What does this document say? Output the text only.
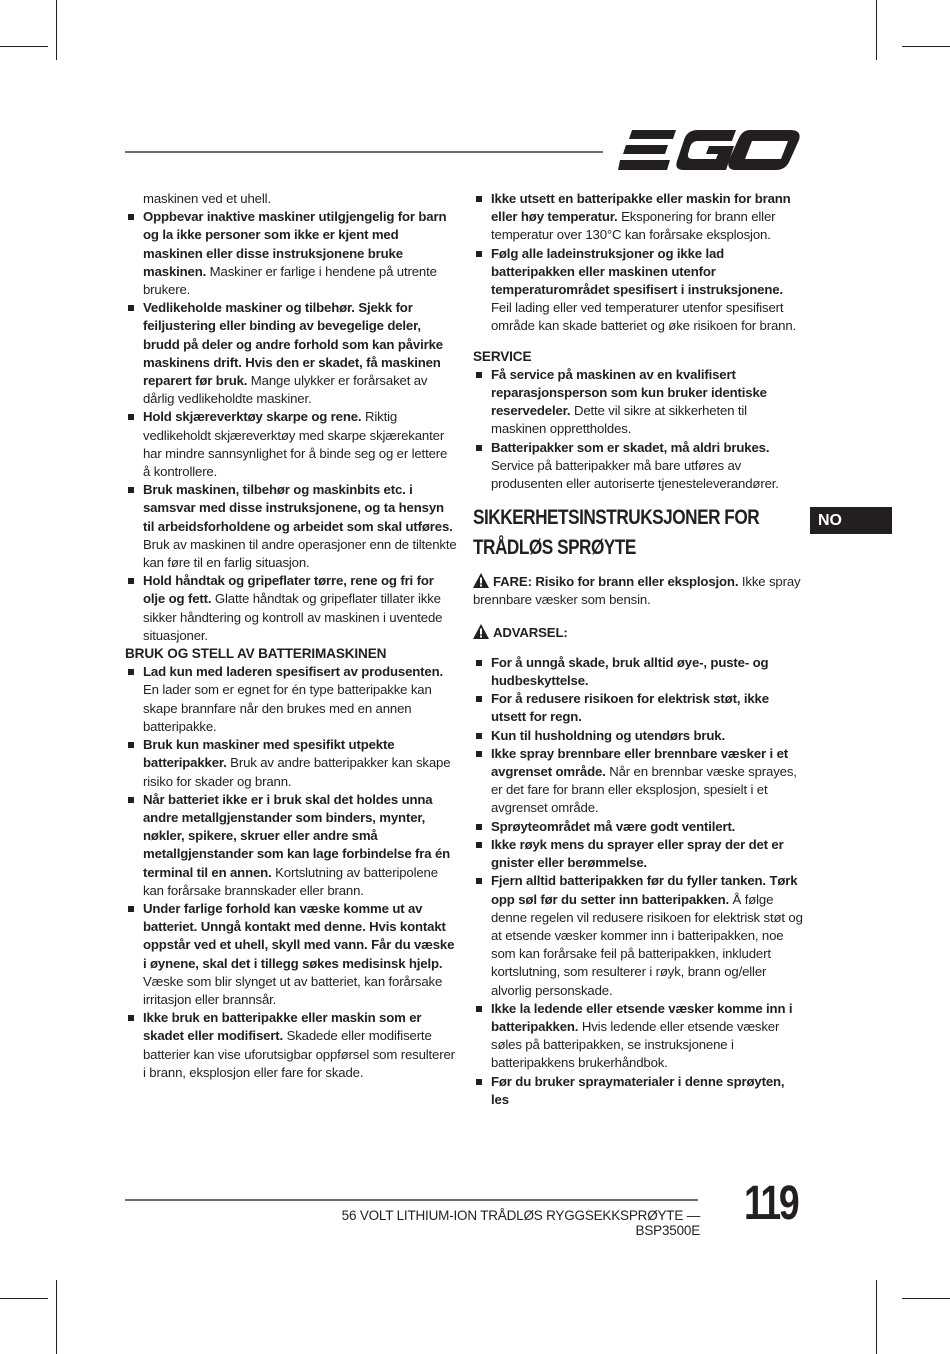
maskinen ved et uhell.

Oppbevar inaktive maskiner utilgjengelig for barn og la ikke personer som ikke er kjent med maskinen eller disse instruksjonene bruke maskinen. Maskiner er farlige i hendene på utrente brukere.

Vedlikeholde maskiner og tilbehør. Sjekk for feiljustering eller binding av bevegelige deler, brudd på deler og andre forhold som kan påvirke maskinens drift. Hvis den er skadet, få maskinen reparert før bruk. Mange ulykker er forårsaket av dårlig vedlikeholdte maskiner.

Hold skjæreverktøy skarpe og rene. Riktig vedlikeholdt skjæreverktøy med skarpe skjærekanter har mindre sannsynlighet for å binde seg og er lettere å kontrollere.

Bruk maskinen, tilbehør og maskinbits etc. i samsvar med disse instruksjonene, og ta hensyn til arbeidsforholdene og arbeidet som skal utføres. Bruk av maskinen til andre operasjoner enn de tiltenkte kan føre til en farlig situasjon.

Hold håndtak og gripeflater tørre, rene og fri for olje og fett. Glatte håndtak og gripeflater tillater ikke sikker håndtering og kontroll av maskinen i uventede situasjoner.

BRUK OG STELL AV BATTERIMASKINEN

Lad kun med laderen spesifisert av produsenten. En lader som er egnet for én type batteripakke kan skape brannfare når den brukes med en annen batteripakke.

Bruk kun maskiner med spesifikt utpekte batteripakker. Bruk av andre batteripakker kan skape risiko for skader og brann.

Når batteriet ikke er i bruk skal det holdes unna andre metallgjenstander som binders, mynter, nøkler, spikere, skruer eller andre små metallgjenstander som kan lage forbindelse fra én terminal til en annen. Kortslutning av batteripolene kan forårsake brannskader eller brann.

Under farlige forhold kan væske komme ut av batteriet. Unngå kontakt med denne. Hvis kontakt oppstår ved et uhell, skyll med vann. Får du væske i øynene, skal det i tillegg søkes medisinsk hjelp. Væske som blir slynget ut av batteriet, kan forårsake irritasjon eller brannsår.

Ikke bruk en batteripakke eller maskin som er skadet eller modifisert. Skadede eller modifiserte batterier kan vise uforutsigbar oppførsel som resulterer i brann, eksplosjon eller fare for skade.

Ikke utsett en batteripakke eller maskin for brann eller høy temperatur. Eksponering for brann eller temperatur over 130°C kan forårsake eksplosjon.

Følg alle ladeinstruksjoner og ikke lad batteripakken eller maskinen utenfor temperaturområdet spesifisert i instruksjonene. Feil lading eller ved temperaturer utenfor spesifisert område kan skade batteriet og øke risikoen for brann.

SERVICE

Få service på maskinen av en kvalifisert reparasjonsperson som kun bruker identiske reservedeler. Dette vil sikre at sikkerheten til maskinen opprettholdes.

Batteripakker som er skadet, må aldri brukes. Service på batteripakker må bare utføres av produsenten eller autoriserte tjenesteleverandører.

SIKKERHETSINSTRUKSJONER FOR TRÅDLØS SPRØYTE

FARE: Risiko for brann eller eksplosjon. Ikke spray brennbare væsker som bensin.

ADVARSEL:

For å unngå skade, bruk alltid øye-, puste- og hudbeskyttelse.

For å redusere risikoen for elektrisk støt, ikke utsett for regn.

Kun til husholdning og utendørs bruk.

Ikke spray brennbare eller brennbare væsker i et avgrenset område. Når en brennbar væske sprayes, er det fare for brann eller eksplosjon, spesielt i et avgrenset område.

Sprøyteområdet må være godt ventilert.

Ikke røyk mens du sprayer eller spray der det er gnister eller berømmelse.

Fjern alltid batteripakken før du fyller tanken. Tørk opp søl før du setter inn batteripakken. Å følge denne regelen vil redusere risikoen for elektrisk støt og at etsende væsker kommer inn i batteripakken, noe som kan forårsake feil på batteripakken, inkludert kortslutning, som resulterer i røyk, brann og/eller alvorlig personskade.

Ikke la ledende eller etsende væsker komme inn i batteripakken. Hvis ledende eller etsende væsker søles på batteripakken, se instruksjonene i batteripakkens brukerhåndbok.

Før du bruker spraymaterialer i denne sprøyten, les

NO
56 VOLT LITHIUM-ION TRÅDLØS RYGGSEKKSPRØYTE — BSP3500E
119
